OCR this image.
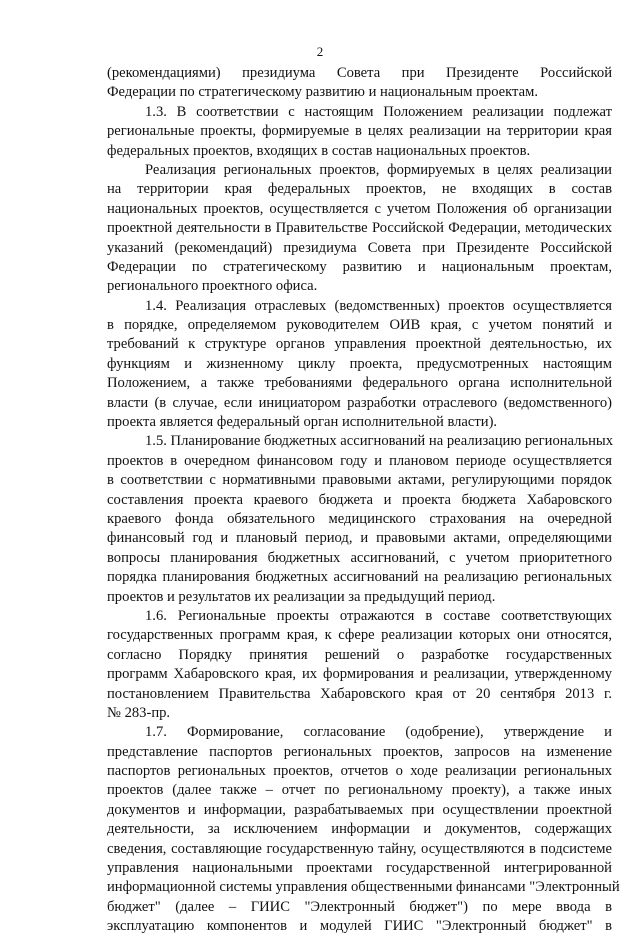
2
(рекомендациями) президиума Совета при Президенте Российской
Федерации по стратегическому развитию и национальным проектам.
1.3. В соответствии с настоящим Положением реализации подлежат
региональные проекты, формируемые в целях реализации на территории края
федеральных проектов, входящих в состав национальных проектов.
Реализация региональных проектов, формируемых в целях реализации
на территории края федеральных проектов, не входящих в состав
национальных проектов, осуществляется с учетом Положения об организации
проектной деятельности в Правительстве Российской Федерации, методических
указаний (рекомендаций) президиума Совета при Президенте Российской
Федерации по стратегическому развитию и национальным проектам,
регионального проектного офиса.
1.4. Реализация отраслевых (ведомственных) проектов осуществляется
в порядке, определяемом руководителем ОИВ края, с учетом понятий и
требований к структуре органов управления проектной деятельностью, их
функциям и жизненному циклу проекта, предусмотренных настоящим
Положением, а также требованиями федерального органа исполнительной
власти (в случае, если инициатором разработки отраслевого (ведомственного)
проекта является федеральный орган исполнительной власти).
1.5. Планирование бюджетных ассигнований на реализацию региональных
проектов в очередном финансовом году и плановом периоде осуществляется
в соответствии с нормативными правовыми актами, регулирующими порядок
составления проекта краевого бюджета и проекта бюджета Хабаровского
краевого фонда обязательного медицинского страхования на очередной
финансовый год и плановый период, и правовыми актами, определяющими
вопросы планирования бюджетных ассигнований, с учетом приоритетного
порядка планирования бюджетных ассигнований на реализацию региональных
проектов и результатов их реализации за предыдущий период.
1.6. Региональные проекты отражаются в составе соответствующих
государственных программ края, к сфере реализации которых они относятся,
согласно Порядку принятия решений о разработке государственных
программ Хабаровского края, их формирования и реализации, утвержденному
постановлением Правительства Хабаровского края от 20 сентября 2013 г.
№ 283-пр.
1.7. Формирование, согласование (одобрение), утверждение и
представление паспортов региональных проектов, запросов на изменение
паспортов региональных проектов, отчетов о ходе реализации региональных
проектов (далее также – отчет по региональному проекту), а также иных
документов и информации, разрабатываемых при осуществлении проектной
деятельности, за исключением информации и документов, содержащих
сведения, составляющие государственную тайну, осуществляются в подсистеме
управления национальными проектами государственной интегрированной
информационной системы управления общественными финансами "Электронный
бюджет" (далее – ГИИС "Электронный бюджет") по мере ввода в
эксплуатацию компонентов и модулей ГИИС "Электронный бюджет" в
